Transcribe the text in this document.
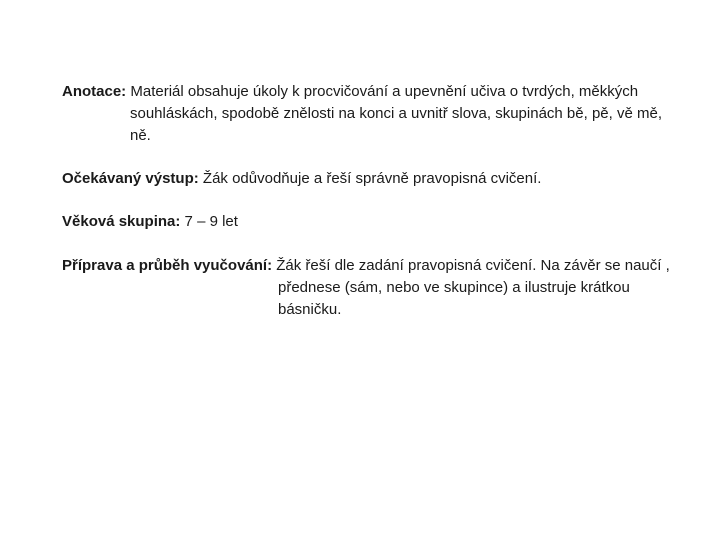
Anotace: Materiál obsahuje úkoly k procvičování a upevnění učiva o tvrdých, měkkých
souhláskách, spodobě znělosti na konci a uvnitř slova, skupinách bě, pě, vě mě,
ně.
Očekávaný výstup: Žák odůvodňuje a řeší správně pravopisná cvičení.
Věková skupina: 7 – 9 let
Příprava a průběh vyučování: Žák řeší dle zadání pravopisná cvičení. Na závěr se naučí ,
přednese (sám, nebo ve skupince) a ilustruje krátkou
básničku.
